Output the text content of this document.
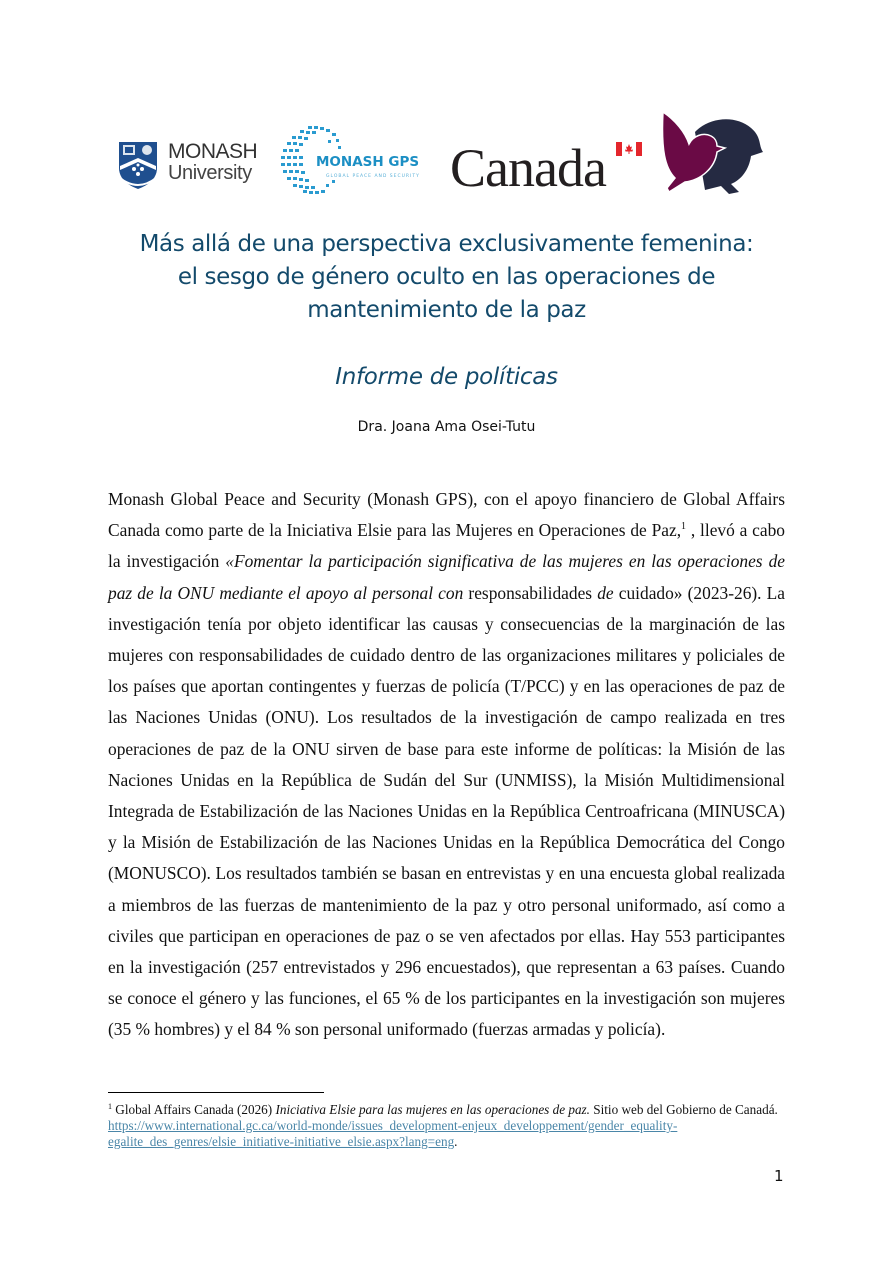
MONASH
University	MONASH GPS
GLOBAL PEACE AND SECURITY Canada
Más allá de una perspectiva exclusivamente femenina:
el sesgo de género oculto en las operaciones de
mantenimiento de la paz
Informe de políticas
Dra. Joana Ama Osei-Tutu

Monash Global Peace and Security (Monash GPS), con el apoyo financiero de Global Affairs Canada como parte de la Iniciativa Elsie para las Mujeres en Operaciones de Paz,$^1$ , llevó a cabo la investigación «Fomentar la participación significativa de las mujeres en las operaciones de paz de la ONU mediante el apoyo al personal con responsabilidades de cuidado» (2023-26). La investigación tenía por objeto identificar las causas y consecuencias de la marginación de las mujeres con responsabilidades de cuidado dentro de las organizaciones militares y policiales de los países que aportan contingentes y fuerzas de policía (T/PCC) y en las operaciones de paz de las Naciones Unidas (ONU). Los resultados de la investigación de campo realizada en tres operaciones de paz de la ONU sirven de base para este informe de políticas: la Misión de las Naciones Unidas en la República de Sudán del Sur (UNMISS), la Misión Multidimensional Integrada de Estabilización de las Naciones Unidas en la República Centroafricana (MINUSCA) y la Misión de Estabilización de las Naciones Unidas en la República Democrática del Congo (MONUSCO). Los resultados también se basan en entrevistas y en una encuesta global realizada a miembros de las fuerzas de mantenimiento de la paz y otro personal uniformado, así como a civiles que participan en operaciones de paz o se ven afectados por ellas. Hay 553 participantes en la investigación (257 entrevistados y 296 encuestados), que representan a 63 países. Cuando se conoce el género y las funciones, el 65 % de los participantes en la investigación son mujeres (35 % hombres) y el 84 % son personal uniformado (fuerzas armadas y policía).

$^1$ Global Affairs Canada (2026) Iniciativa Elsie para las mujeres en las operaciones de paz. Sitio web del Gobierno de Canadá. https://www.international.gc.ca/world-monde/issues_development-enjeux_developpement/gender_equality-egalite_des_genres/elsie_initiative-initiative_elsie.aspx?lang=eng.
1
